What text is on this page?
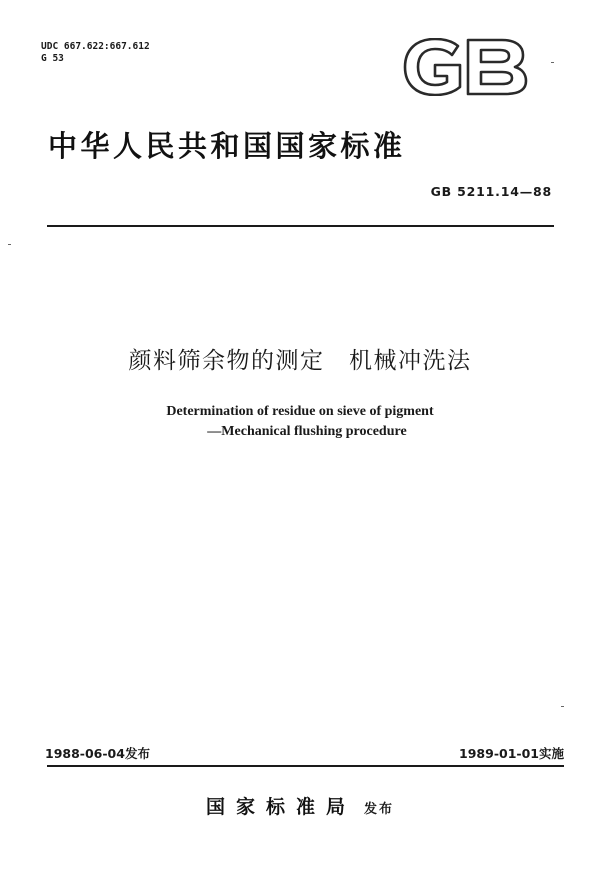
UDC 667.622:667.612
G 53
中华人民共和国国家标准
GB 5211.14—88
颜料筛余物的测定　机械冲洗法
Determination of residue on sieve of pigment
—Mechanical flushing procedure
1988-06-04发布	1989-01-01实施
国家标准局 发布
